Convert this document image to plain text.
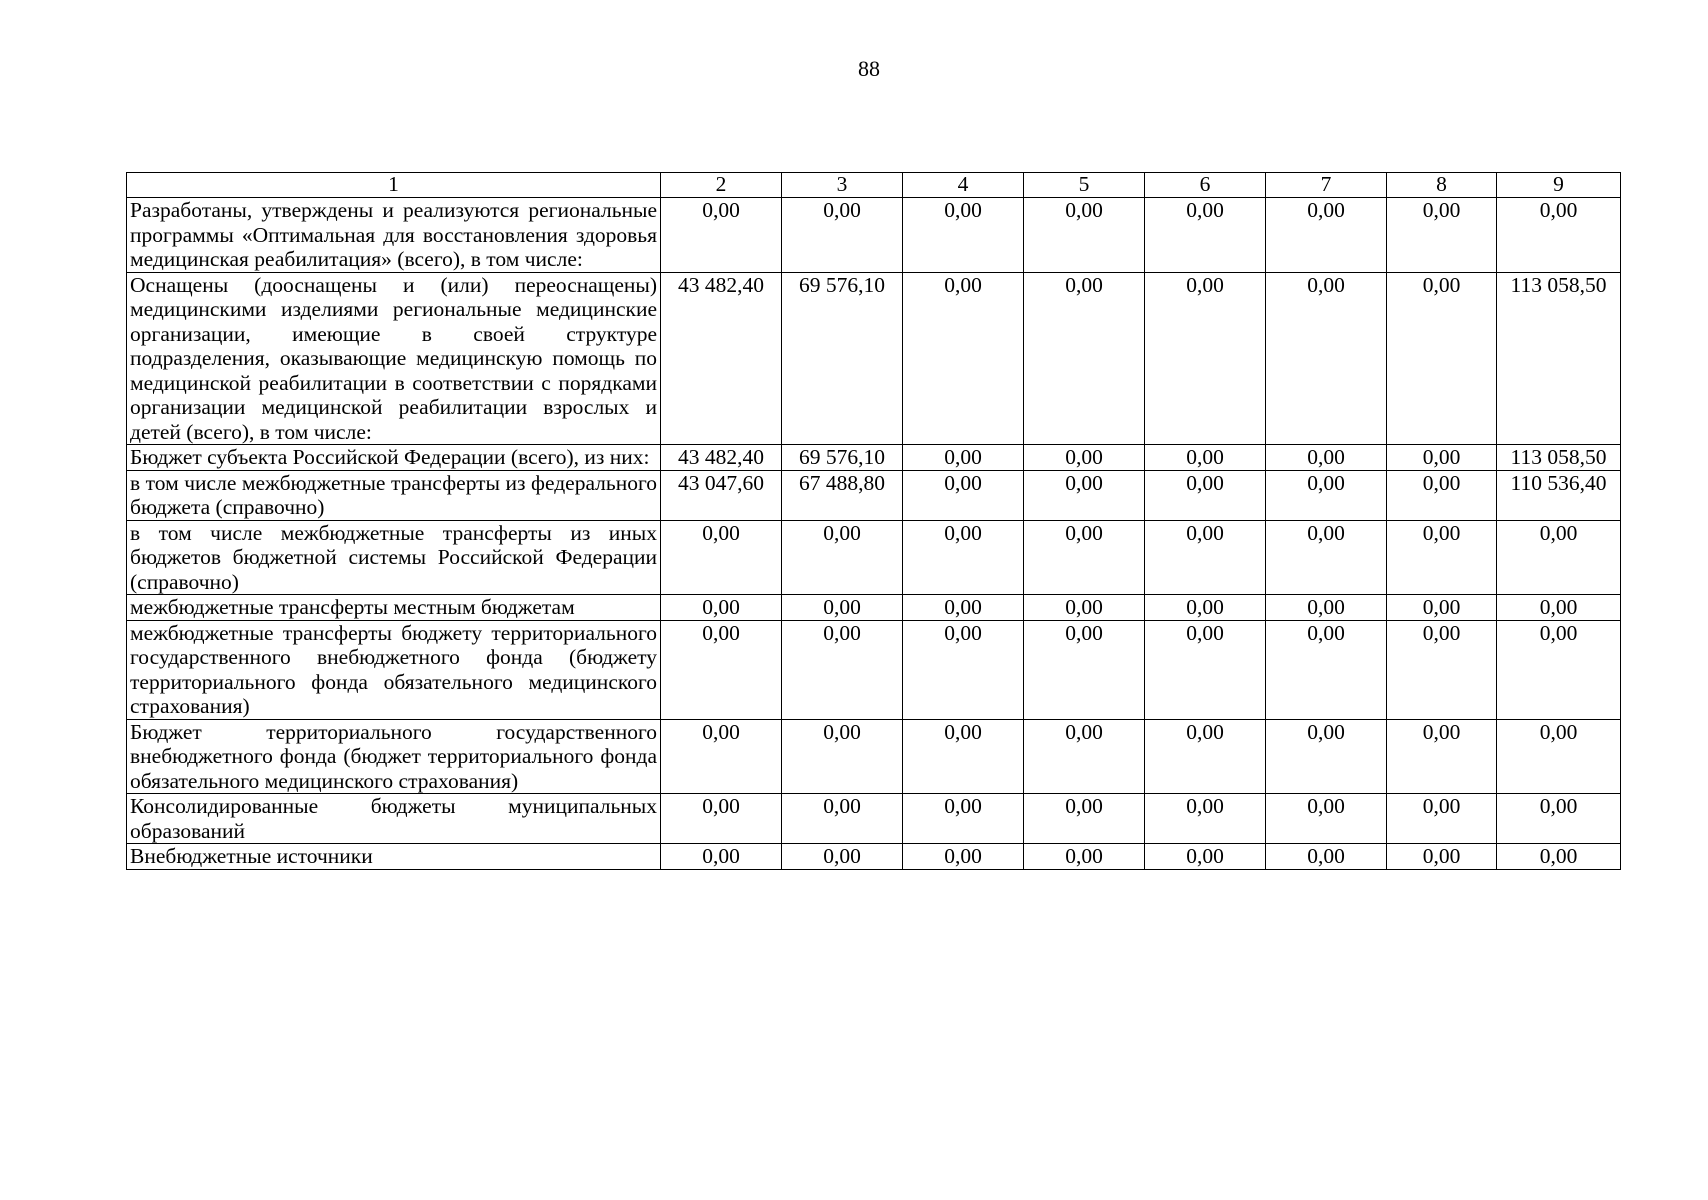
88
1	2	3	4	5	6	7	8	9
Разработаны, утверждены и реализуются региональные программы «Оптимальная для восстановления здоровья медицинская реабилитация» (всего), в том числе:	0,00	0,00	0,00	0,00	0,00	0,00	0,00	0,00
Оснащены (дооснащены и (или) переоснащены) медицинскими изделиями региональные медицинские организации, имеющие в своей структуре подразделения, оказывающие медицинскую помощь по медицинской реабилитации в соответствии с порядками организации медицинской реабилитации взрослых и детей (всего), в том числе:	43 482,40	69 576,10	0,00	0,00	0,00	0,00	0,00	113 058,50
Бюджет субъекта Российской Федерации (всего), из них:	43 482,40	69 576,10	0,00	0,00	0,00	0,00	0,00	113 058,50
в том числе межбюджетные трансферты из федерального бюджета (справочно)	43 047,60	67 488,80	0,00	0,00	0,00	0,00	0,00	110 536,40
в том числе межбюджетные трансферты из иных бюджетов бюджетной системы Российской Федерации (справочно)	0,00	0,00	0,00	0,00	0,00	0,00	0,00	0,00
межбюджетные трансферты местным бюджетам	0,00	0,00	0,00	0,00	0,00	0,00	0,00	0,00
межбюджетные трансферты бюджету территориального государственного внебюджетного фонда (бюджету территориального фонда обязательного медицинского страхования)	0,00	0,00	0,00	0,00	0,00	0,00	0,00	0,00
Бюджет территориального государственного внебюджетного фонда (бюджет территориального фонда обязательного медицинского страхования)	0,00	0,00	0,00	0,00	0,00	0,00	0,00	0,00
Консолидированные бюджеты муниципальных образований	0,00	0,00	0,00	0,00	0,00	0,00	0,00	0,00
Внебюджетные источники	0,00	0,00	0,00	0,00	0,00	0,00	0,00	0,00
